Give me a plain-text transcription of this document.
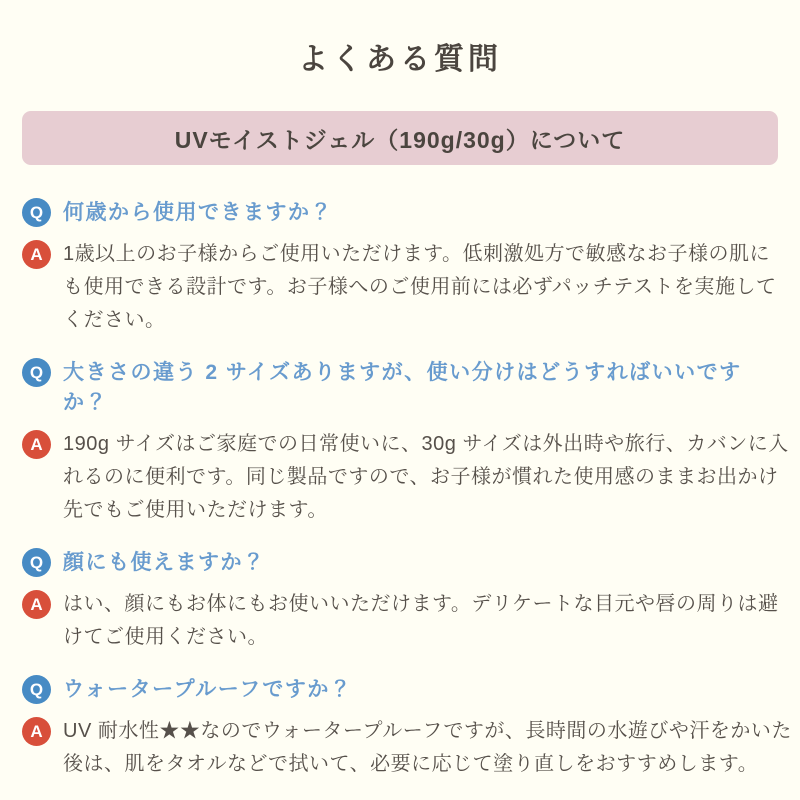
よくある質問
UVモイストジェル（190g/30g）について
Q 何歳から使用できますか？
A	1歳以上のお子様からご使用いただけます。低刺激処方で敏感なお子様の肌に
も使用できる設計です。お子様へのご使用前には必ずパッチテストを実施して
ください。
Q 大きさの違う 2 サイズありますが、使い分けはどうすればいいですか？
A	190g サイズはご家庭での日常使いに、30g サイズは外出時や旅行、カバンに入
れるのに便利です。同じ製品ですので、お子様が慣れた使用感のままお出かけ
先でもご使用いただけます。
Q 顔にも使えますか？
A	はい、顔にもお体にもお使いいただけます。デリケートな目元や唇の周りは避
けてご使用ください。
Q ウォータープルーフですか？
A	UV 耐水性★★なのでウォータープルーフですが、長時間の水遊びや汗をかいた
後は、肌をタオルなどで拭いて、必要に応じて塗り直しをおすすめします。
